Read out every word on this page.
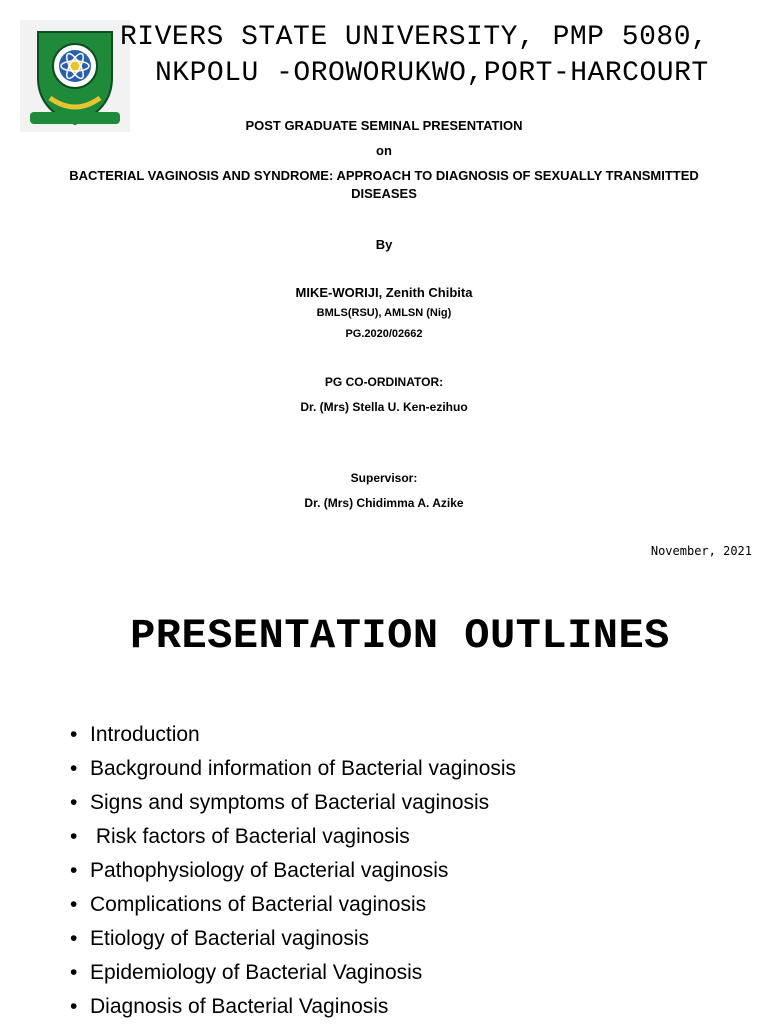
RIVERS STATE UNIVERSITY, PMP 5080,
NKPOLU -OROWORUKWO,PORT-HARCOURT
POST GRADUATE SEMINAL PRESENTATION
on
BACTERIAL VAGINOSIS AND SYNDROME: APPROACH TO DIAGNOSIS OF SEXUALLY TRANSMITTED
DISEASES
By
MIKE-WORIJI, Zenith Chibita
BMLS(RSU), AMLSN (Nig)
PG.2020/02662
PG CO-ORDINATOR:
Dr. (Mrs) Stella U. Ken-ezihuo
Supervisor:
Dr. (Mrs) Chidimma A. Azike
November, 2021
PRESENTATION OUTLINES
• Introduction
• Background information of Bacterial vaginosis
• Signs and symptoms of Bacterial vaginosis
• Risk factors of Bacterial vaginosis
• Pathophysiology of Bacterial vaginosis
• Complications of Bacterial vaginosis
• Etiology of Bacterial vaginosis
• Epidemiology of Bacterial Vaginosis
• Diagnosis of Bacterial Vaginosis
